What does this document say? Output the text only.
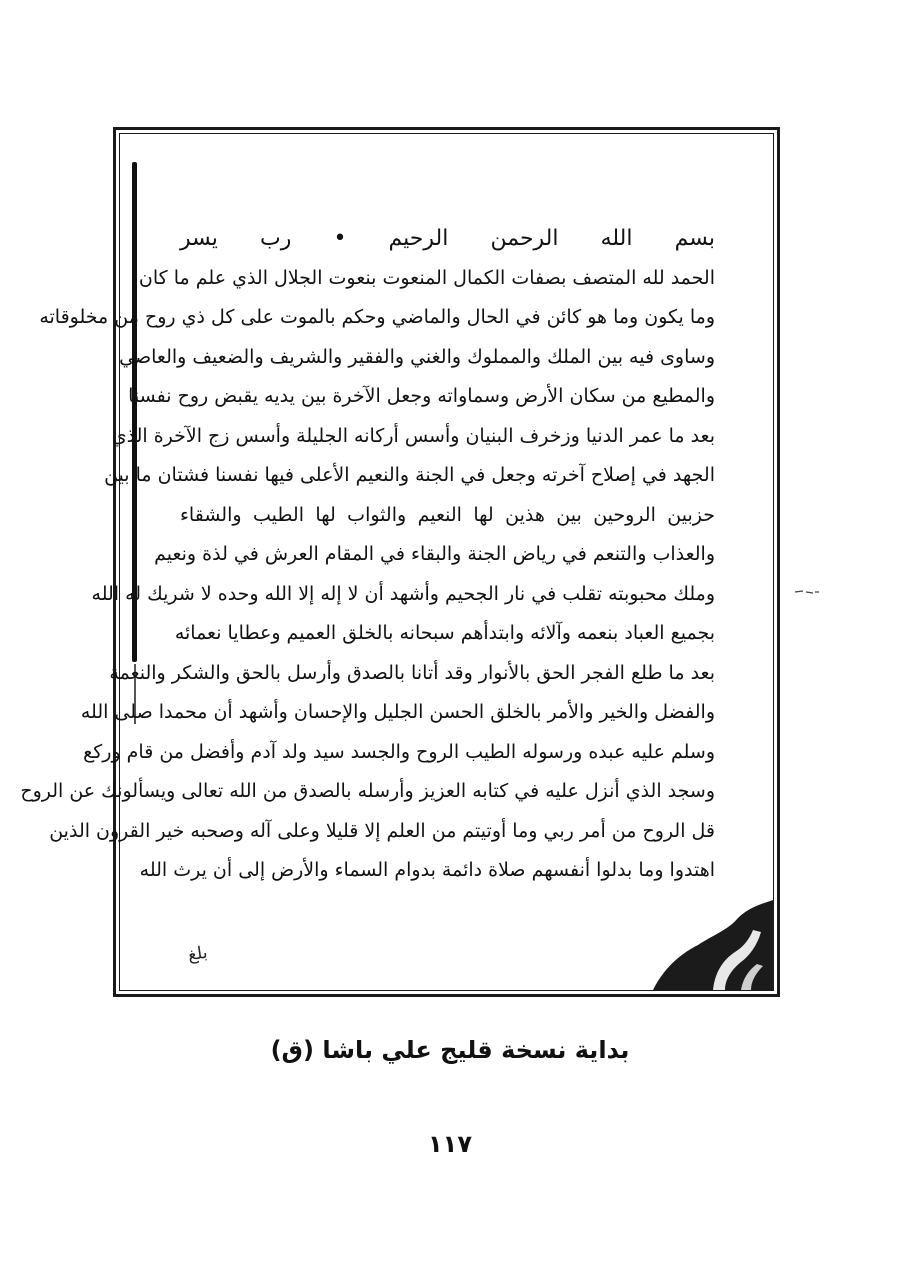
بسم الله الرحمن الرحيم • رب يسر
الحمد لله المتصف بصفات الكمال المنعوت بنعوت الجلال الذي علم ما كان
وما يكون وما هو كائن في الحال والماضي وحكم بالموت على كل ذي روح من مخلوقاته
وساوى فيه بين الملك والمملوك والغني والفقير والشريف والضعيف والعاصي
والمطيع من سكان الأرض وسماواته وجعل الآخرة بين يديه يقبض روح نفسنا
بعد ما عمر الدنيا وزخرف البنيان وأسس أركانه الجليلة وأسس زج الآخرة الذي
الجهد في إصلاح آخرته وجعل في الجنة والنعيم الأعلى فيها نفسنا فشتان ما بين
حزبين الروحين بين هذين لها النعيم والثواب لها الطيب والشقاء
والعذاب والتنعم في رياض الجنة والبقاء في المقام العرش في لذة ونعيم
وملك محبوبته تقلب في نار الجحيم وأشهد أن لا إله إلا الله وحده لا شريك له الله
بجميع العباد بنعمه وآلائه وابتدأهم سبحانه بالخلق العميم وعطايا نعمائه
بعد ما طلع الفجر الحق بالأنوار وقد أتانا بالصدق وأرسل بالحق والشكر والنعمة
والفضل والخير والأمر بالخلق الحسن الجليل والإحسان وأشهد أن محمدا صلى الله
وسلم عليه عبده ورسوله الطيب الروح والجسد سيد ولد آدم وأفضل من قام وركع
وسجد الذي أنزل عليه في كتابه العزيز وأرسله بالصدق من الله تعالى ويسألونك عن الروح
قل الروح من أمر ربي وما أوتيتم من العلم إلا قليلا وعلى آله وصحبه خير القرون الذين
اهتدوا وما بدلوا أنفسهم صلاة دائمة بدوام السماء والأرض إلى أن يرث الله
بلغ
بداية نسخة قليج علي باشا (ق)
١١٧
